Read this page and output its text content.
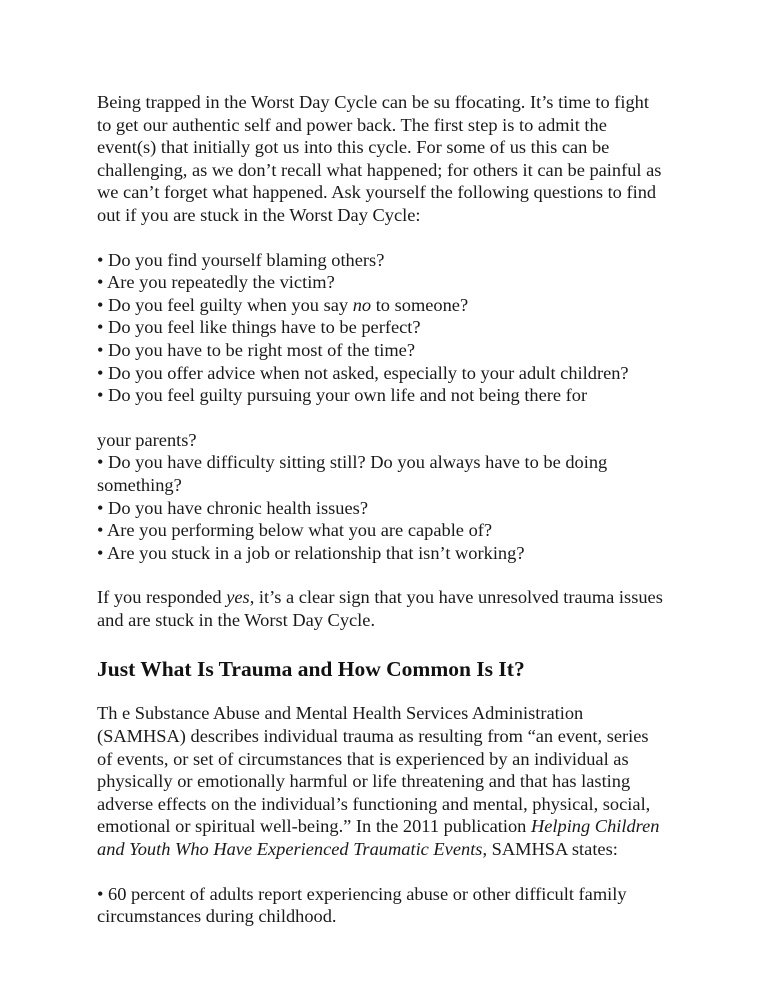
Being trapped in the Worst Day Cycle can be su ffocating. It’s time to fight
to get our authentic self and power back. The first step is to admit the
event(s) that initially got us into this cycle. For some of us this can be
challenging, as we don’t recall what happened; for others it can be painful as
we can’t forget what happened. Ask yourself the following questions to find
out if you are stuck in the Worst Day Cycle:

• Do you find yourself blaming others?
• Are you repeatedly the victim?
• Do you feel guilty when you say no to someone?
• Do you feel like things have to be perfect?
• Do you have to be right most of the time?
• Do you offer advice when not asked, especially to your adult children?
• Do you feel guilty pursuing your own life and not being there for
your parents?
• Do you have difficulty sitting still? Do you always have to be doing
something?
• Do you have chronic health issues?
• Are you performing below what you are capable of?
• Are you stuck in a job or relationship that isn’t working?

If you responded yes, it’s a clear sign that you have unresolved trauma issues
and are stuck in the Worst Day Cycle.

Just What Is Trauma and How Common Is It?

Th e Substance Abuse and Mental Health Services Administration
(SAMHSA) describes individual trauma as resulting from “an event, series
of events, or set of circumstances that is experienced by an individual as
physically or emotionally harmful or life threatening and that has lasting
adverse effects on the individual’s functioning and mental, physical, social,
emotional or spiritual well-being.” In the 2011 publication Helping Children
and Youth Who Have Experienced Traumatic Events, SAMHSA states:

• 60 percent of adults report experiencing abuse or other difficult family
circumstances during childhood.
